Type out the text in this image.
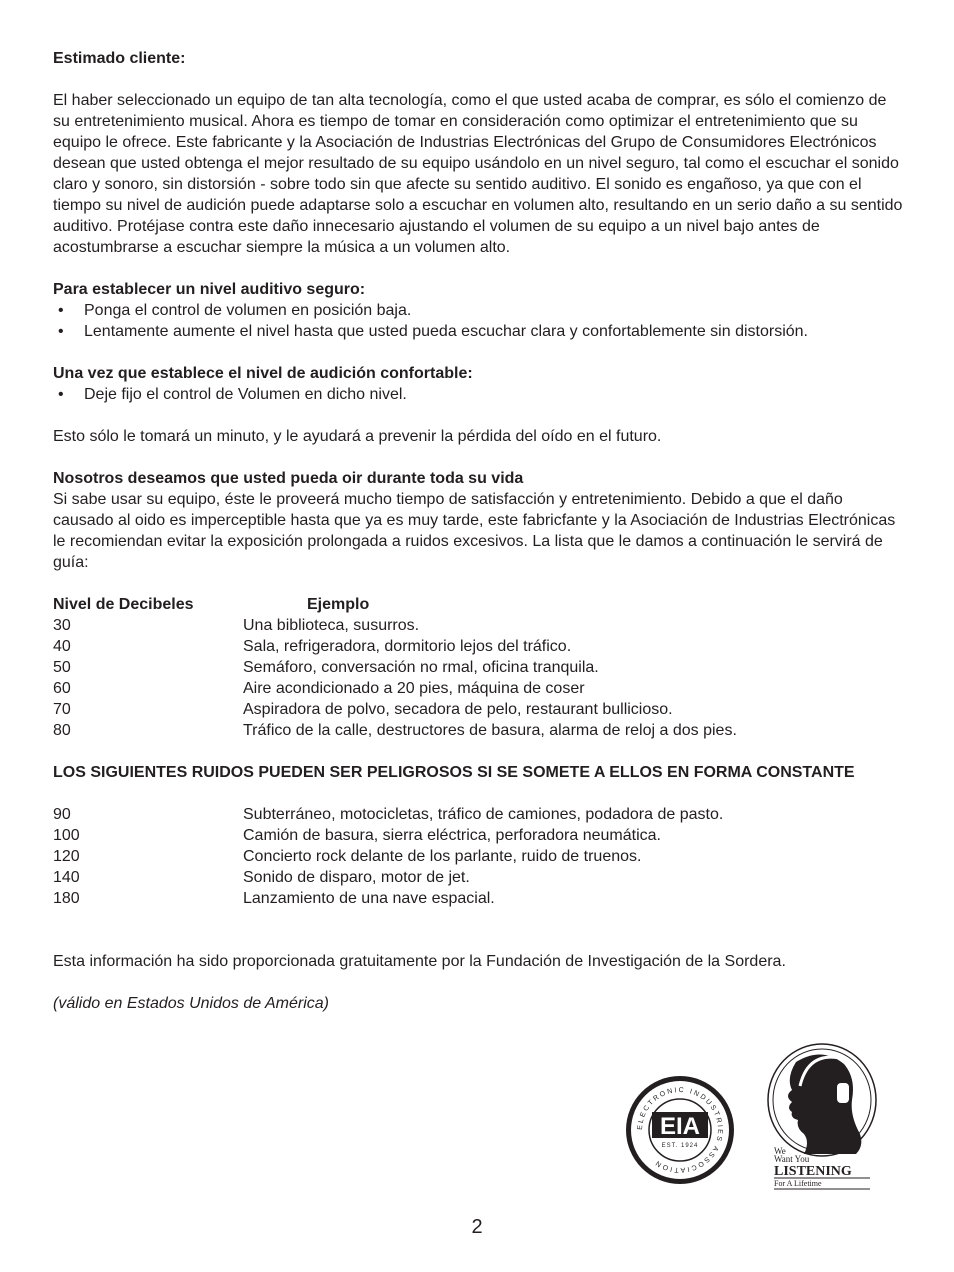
Estimado cliente:

El haber seleccionado un equipo de tan alta tecnología, como el que usted acaba de comprar, es sólo el comienzo de su entretenimiento musical. Ahora es tiempo de tomar en consideración como optimizar el entretenimiento que su equipo le ofrece. Este fabricante y la Asociación de Industrias Electrónicas del Grupo de Consumidores Electrónicos desean que usted obtenga el mejor resultado de su equipo usándolo en un nivel seguro, tal como el escuchar el sonido claro y sonoro, sin distorsión - sobre todo sin que afecte su sentido auditivo. El sonido es engañoso, ya que con el tiempo su nivel de audición puede adaptarse solo a escuchar en volumen alto, resultando en un serio daño a su sentido auditivo. Protéjase contra este daño innecesario ajustando el volumen de su equipo a un nivel bajo antes de acostumbrarse a escuchar siempre la música a un volumen alto.

Para establecer un nivel auditivo seguro:

• Ponga el control de volumen en posición baja.
• Lentamente aumente el nivel hasta que usted pueda escuchar clara y confortablemente sin distorsión.

Una vez que establece el nivel de audición confortable:

• Deje fijo el control de Volumen en dicho nivel.

Esto sólo le tomará un minuto, y le ayudará a prevenir la pérdida del oído en el futuro.

Nosotros deseamos que usted pueda oir durante toda su vida

Si sabe usar su equipo, éste le proveerá mucho tiempo de satisfacción y entretenimiento. Debido a que el daño causado al oido es imperceptible hasta que ya es muy tarde, este fabricfante y la Asociación de Industrias Electrónicas le recomiendan evitar la exposición prolongada a ruidos excesivos. La lista que le damos a continuación le servirá de guía:

Nivel de Decibeles	Ejemplo
30	Una biblioteca, susurros.
40	Sala, refrigeradora, dormitorio lejos del tráfico.
50	Semáforo, conversación no rmal, oficina tranquila.
60	Aire acondicionado a 20 pies, máquina de coser
70	Aspiradora de polvo, secadora de pelo, restaurant bullicioso.
80	Tráfico de la calle, destructores de basura, alarma de reloj a dos pies.

LOS SIGUIENTES RUIDOS PUEDEN SER PELIGROSOS SI SE SOMETE A ELLOS EN FORMA CONSTANTE

90	Subterráneo, motocicletas, tráfico de camiones, podadora de pasto.
100	Camión de basura, sierra eléctrica, perforadora neumática.
120	Concierto rock delante de los parlante, ruido de truenos.
140	Sonido de disparo, motor de jet.
180	Lanzamiento de una nave espacial.

Esta información ha sido proporcionada gratuitamente por la Fundación de Investigación de la Sordera.

(válido en Estados Unidos de América)

ELECTRONIC INDUSTRIES ASSOCIATION
EIA
EST. 1924	We
Want You
LISTENING
For A Lifetime
2
